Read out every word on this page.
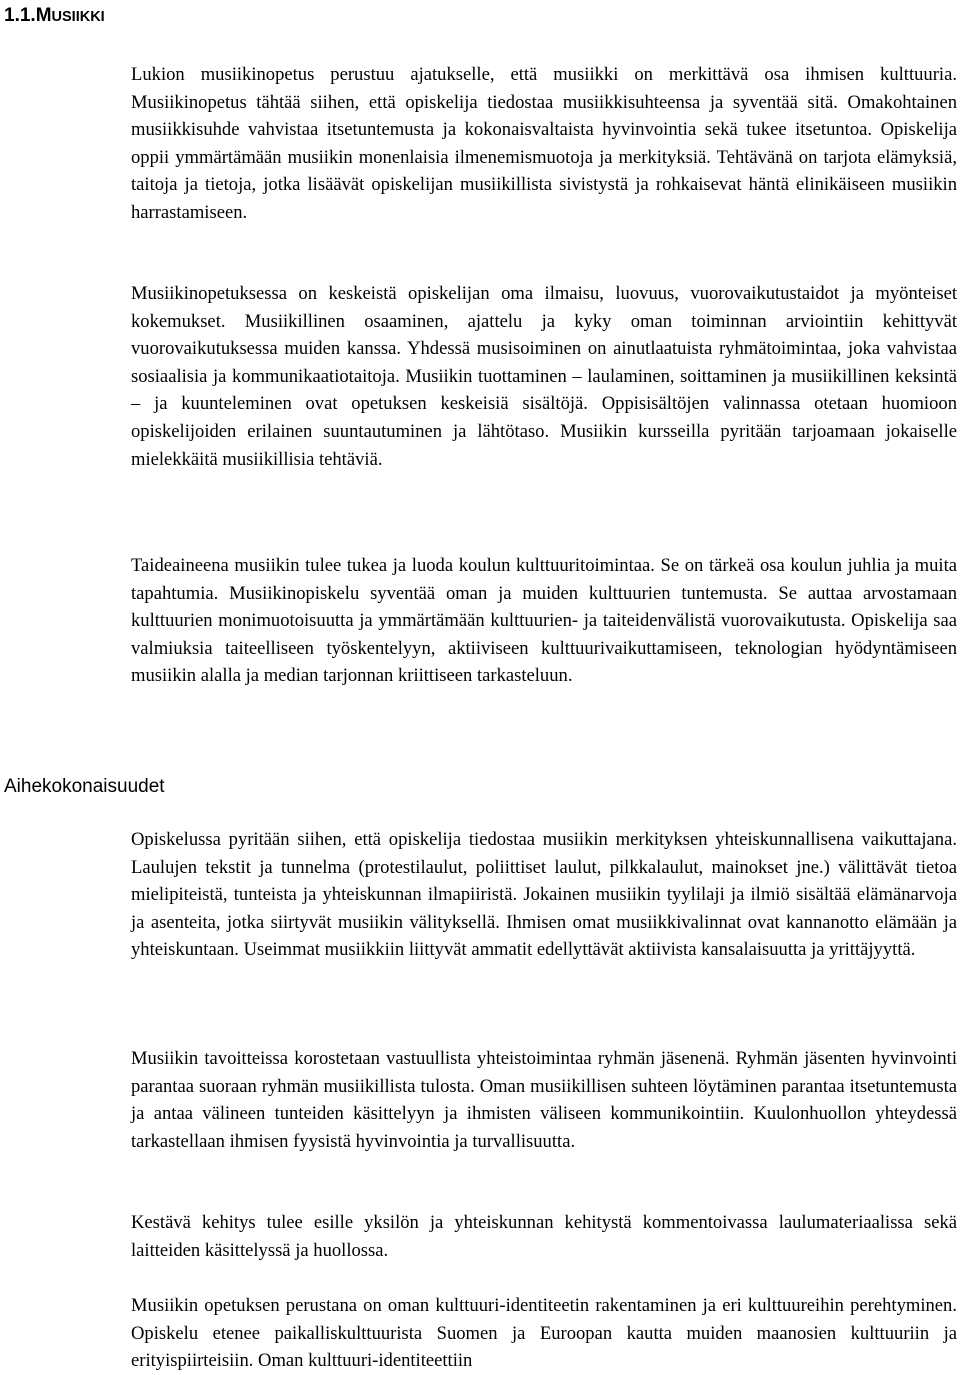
1.1.MUSIIKKI

Lukion musiikinopetus perustuu ajatukselle, että musiikki on merkittävä osa ihmisen kulttuuria. Musiikinopetus tähtää siihen, että opiskelija tiedostaa musiikkisuhteensa ja syventää sitä. Omakohtainen musiikkisuhde vahvistaa itsetuntemusta ja kokonaisvaltaista hyvinvointia sekä tukee itsetuntoa. Opiskelija oppii ymmärtämään musiikin monenlaisia ilmenemismuotoja ja merkityksiä. Tehtävänä on tarjota elämyksiä, taitoja ja tietoja, jotka lisäävät opiskelijan musiikillista sivistystä ja rohkaisevat häntä elinikäiseen musiikin harrastamiseen.

Musiikinopetuksessa on keskeistä opiskelijan oma ilmaisu, luovuus, vuorovaikutustaidot ja myönteiset kokemukset. Musiikillinen osaaminen, ajattelu ja kyky oman toiminnan arviointiin kehittyvät vuorovaikutuksessa muiden kanssa. Yhdessä musisoiminen on ainutlaatuista ryhmätoimintaa, joka vahvistaa sosiaalisia ja kommunikaatiotaitoja. Musiikin tuottaminen – laulaminen, soittaminen ja musiikillinen keksintä – ja kuunteleminen ovat opetuksen keskeisiä sisältöjä. Oppisisältöjen valinnassa otetaan huomioon opiskelijoiden erilainen suuntautuminen ja lähtötaso. Musiikin kursseilla pyritään tarjoamaan jokaiselle mielekkäitä musiikillisia tehtäviä.

Taideaineena musiikin tulee tukea ja luoda koulun kulttuuritoimintaa. Se on tärkeä osa koulun juhlia ja muita tapahtumia. Musiikinopiskelu syventää oman ja muiden kulttuurien tuntemusta. Se auttaa arvostamaan kulttuurien monimuotoisuutta ja ymmärtämään kulttuurien- ja taiteidenvälistä vuorovaikutusta. Opiskelija saa valmiuksia taiteelliseen työskentelyyn, aktiiviseen kulttuurivaikuttamiseen, teknologian hyödyntämiseen musiikin alalla ja median tarjonnan kriittiseen tarkasteluun.

Aihekokonaisuudet

Opiskelussa pyritään siihen, että opiskelija tiedostaa musiikin merkityksen yhteiskunnallisena vaikuttajana. Laulujen tekstit ja tunnelma (protestilaulut, poliittiset laulut, pilkkalaulut, mainokset jne.) välittävät tietoa mielipiteistä, tunteista ja yhteiskunnan ilmapiiristä. Jokainen musiikin tyylilaji ja ilmiö sisältää elämänarvoja ja asenteita, jotka siirtyvät musiikin välityksellä. Ihmisen omat musiikkivalinnat ovat kannanotto elämään ja yhteiskuntaan. Useimmat musiikkiin liittyvät ammatit edellyttävät aktiivista kansalaisuutta ja yrittäjyyttä.

Musiikin tavoitteissa korostetaan vastuullista yhteistoimintaa ryhmän jäsenenä. Ryhmän jäsenten hyvinvointi parantaa suoraan ryhmän musiikillista tulosta. Oman musiikillisen suhteen löytäminen parantaa itsetuntemusta ja antaa välineen tunteiden käsittelyyn ja ihmisten väliseen kommunikointiin. Kuulonhuollon yhteydessä tarkastellaan ihmisen fyysistä hyvinvointia ja turvallisuutta.

Kestävä kehitys tulee esille yksilön ja yhteiskunnan kehitystä kommentoivassa laulumateriaalissa sekä laitteiden käsittelyssä ja huollossa.

Musiikin opetuksen perustana on oman kulttuuri-identiteetin rakentaminen ja eri kulttuureihin perehtyminen. Opiskelu etenee paikalliskulttuurista Suomen ja Euroopan kautta muiden maanosien kulttuuriin ja erityispiirteisiin. Oman kulttuuri-identiteettiin
